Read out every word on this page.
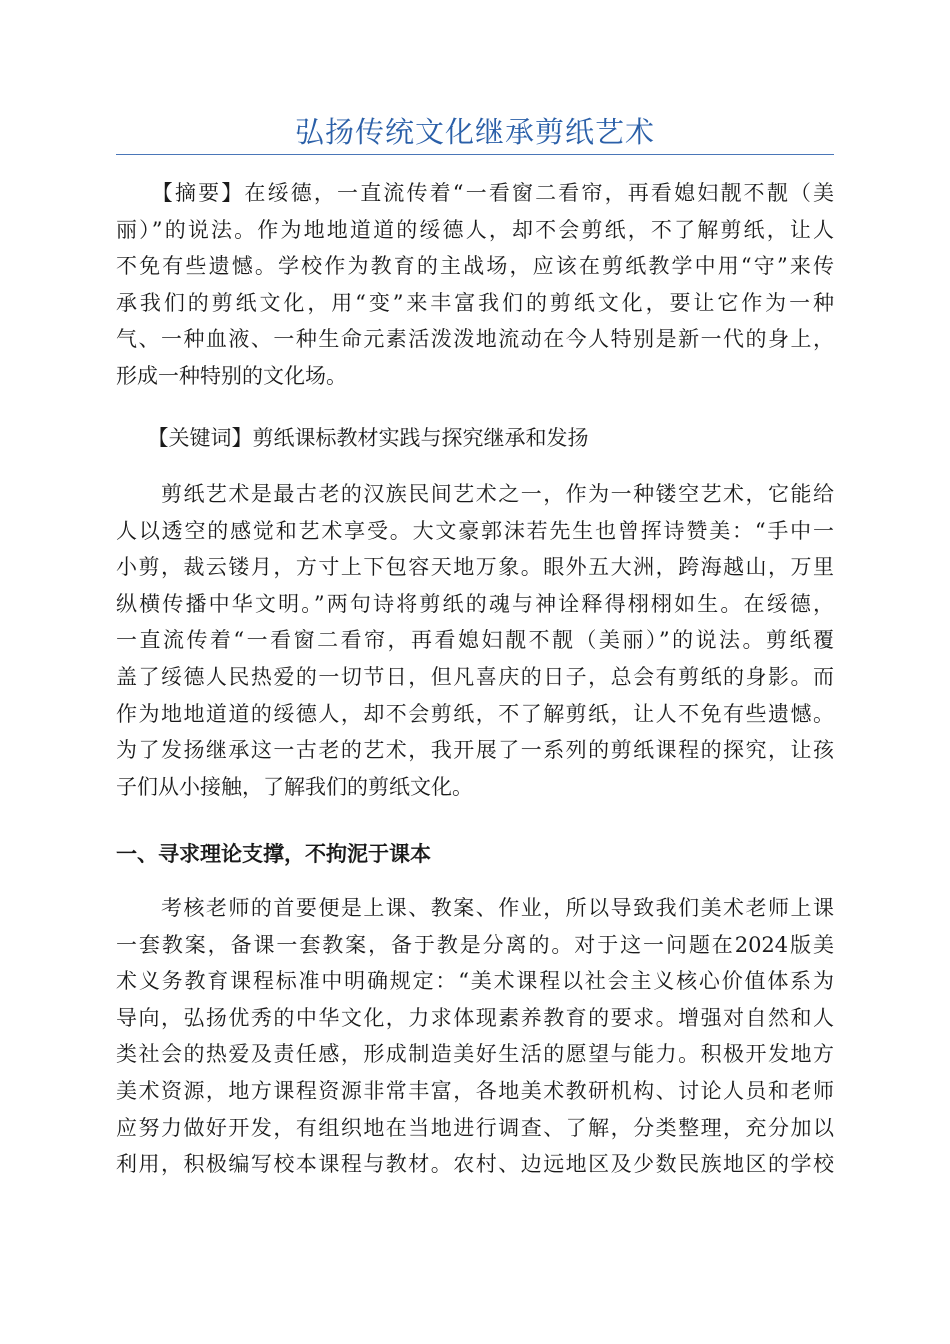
弘扬传统文化继承剪纸艺术
　　【摘要】在绥德，一直流传着“一看窗二看帘，再看媳妇靓不靓（美
丽）”的说法。作为地地道道的绥德人，却不会剪纸，不了解剪纸，让人
不免有些遗憾。学校作为教育的主战场，应该在剪纸教学中用“守”来传
承我们的剪纸文化，用“变”来丰富我们的剪纸文化，要让它作为一种
气、一种血液、一种生命元素活泼泼地流动在今人特别是新一代的身上，
形成一种特别的文化场。
　　【关键词】剪纸课标教材实践与探究继承和发扬
　　剪纸艺术是最古老的汉族民间艺术之一，作为一种镂空艺术，它能给
人以透空的感觉和艺术享受。大文豪郭沫若先生也曾挥诗赞美：“手中一
小剪，裁云镂月，方寸上下包容天地万象。眼外五大洲，跨海越山，万里
纵横传播中华文明。”两句诗将剪纸的魂与神诠释得栩栩如生。在绥德，
一直流传着“一看窗二看帘，再看媳妇靓不靓（美丽）”的说法。剪纸覆
盖了绥德人民热爱的一切节日，但凡喜庆的日子，总会有剪纸的身影。而
作为地地道道的绥德人，却不会剪纸，不了解剪纸，让人不免有些遗憾。
为了发扬继承这一古老的艺术，我开展了一系列的剪纸课程的探究，让孩
子们从小接触，了解我们的剪纸文化。
一、寻求理论支撑，不拘泥于课本
　　考核老师的首要便是上课、教案、作业，所以导致我们美术老师上课
一套教案，备课一套教案，备于教是分离的。对于这一问题在2024版美
术义务教育课程标准中明确规定：“美术课程以社会主义核心价值体系为
导向，弘扬优秀的中华文化，力求体现素养教育的要求。增强对自然和人
类社会的热爱及责任感，形成制造美好生活的愿望与能力。积极开发地方
美术资源，地方课程资源非常丰富，各地美术教研机构、讨论人员和老师
应努力做好开发，有组织地在当地进行调查、了解，分类整理，充分加以
利用，积极编写校本课程与教材。农村、边远地区及少数民族地区的学校
